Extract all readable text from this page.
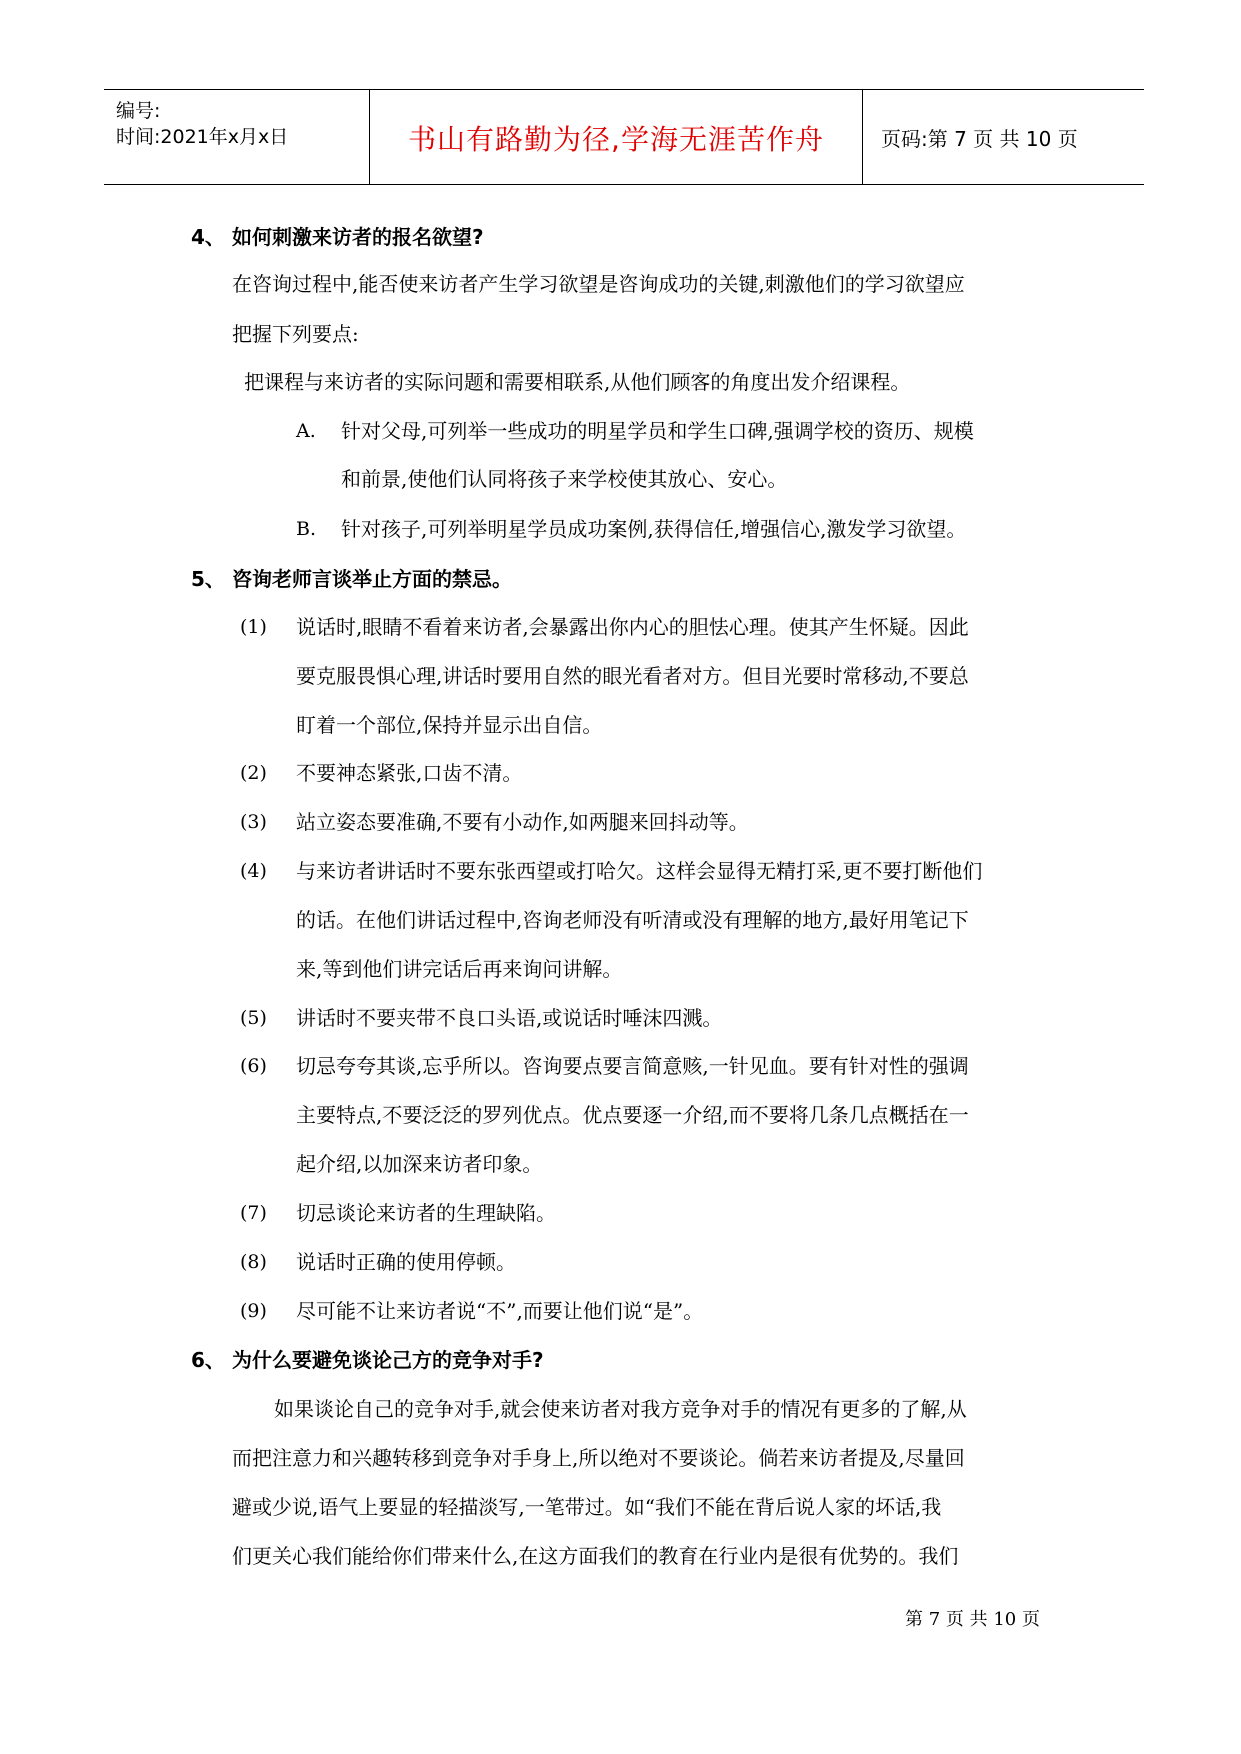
编号:
时间:2021年x月x日	书山有路勤为径,学海无涯苦作舟	页码:第 7 页 共 10 页
4、 如何刺激来访者的报名欲望?
在咨询过程中,能否使来访者产生学习欲望是咨询成功的关键,刺激他们的学习欲望应
把握下列要点:
把课程与来访者的实际问题和需要相联系,从他们顾客的角度出发介绍课程。
A. 针对父母,可列举一些成功的明星学员和学生口碑,强调学校的资历、规模
和前景,使他们认同将孩子来学校使其放心、安心。
B. 针对孩子,可列举明星学员成功案例,获得信任,增强信心,激发学习欲望。
5、 咨询老师言谈举止方面的禁忌。
(1) 说话时,眼睛不看着来访者,会暴露出你内心的胆怯心理。使其产生怀疑。因此
要克服畏惧心理,讲话时要用自然的眼光看者对方。但目光要时常移动,不要总
盯着一个部位,保持并显示出自信。
(2) 不要神态紧张,口齿不清。
(3) 站立姿态要准确,不要有小动作,如两腿来回抖动等。
(4) 与来访者讲话时不要东张西望或打哈欠。这样会显得无精打采,更不要打断他们
的话。在他们讲话过程中,咨询老师没有听清或没有理解的地方,最好用笔记下
来,等到他们讲完话后再来询问讲解。
(5) 讲话时不要夹带不良口头语,或说话时唾沫四溅。
(6) 切忌夸夸其谈,忘乎所以。咨询要点要言简意赅,一针见血。要有针对性的强调
主要特点,不要泛泛的罗列优点。优点要逐一介绍,而不要将几条几点概括在一
起介绍,以加深来访者印象。
(7) 切忌谈论来访者的生理缺陷。
(8) 说话时正确的使用停顿。
(9) 尽可能不让来访者说“不”,而要让他们说“是”。
6、 为什么要避免谈论己方的竞争对手?
如果谈论自己的竞争对手,就会使来访者对我方竞争对手的情况有更多的了解,从
而把注意力和兴趣转移到竞争对手身上,所以绝对不要谈论。倘若来访者提及,尽量回
避或少说,语气上要显的轻描淡写,一笔带过。如“我们不能在背后说人家的坏话,我
们更关心我们能给你们带来什么,在这方面我们的教育在行业内是很有优势的。我们
第 7 页 共 10 页
